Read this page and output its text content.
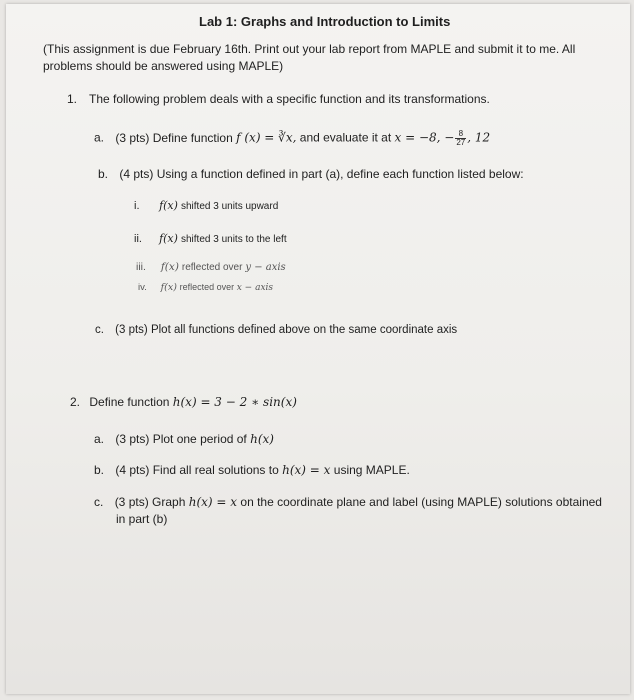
Lab 1: Graphs and Introduction to Limits
(This assignment is due February 16th. Print out your lab report from MAPLE and submit it to me. All
problems should be answered using MAPLE)
1. The following problem deals with a specific function and its transformations.
a. (3 pts) Define function f (x) = ∛x, and evaluate it at x = −8, − $\frac{8}{27}$ , 12
b. (4 pts) Using a function defined in part (a), define each function listed below:
i. f(x) shifted 3 units upward
ii. f(x) shifted 3 units to the left
iii. f(x) reflected over y − axis
iv. f(x) reflected over x − axis
c. (3 pts) Plot all functions defined above on the same coordinate axis
2. Define function h(x) = 3 − 2 ∗ sin(x)
a. (3 pts) Plot one period of h(x)
b. (4 pts) Find all real solutions to h(x) = x using MAPLE.
c. (3 pts) Graph h(x) = x on the coordinate plane and label (using MAPLE) solutions obtained
in part (b)
